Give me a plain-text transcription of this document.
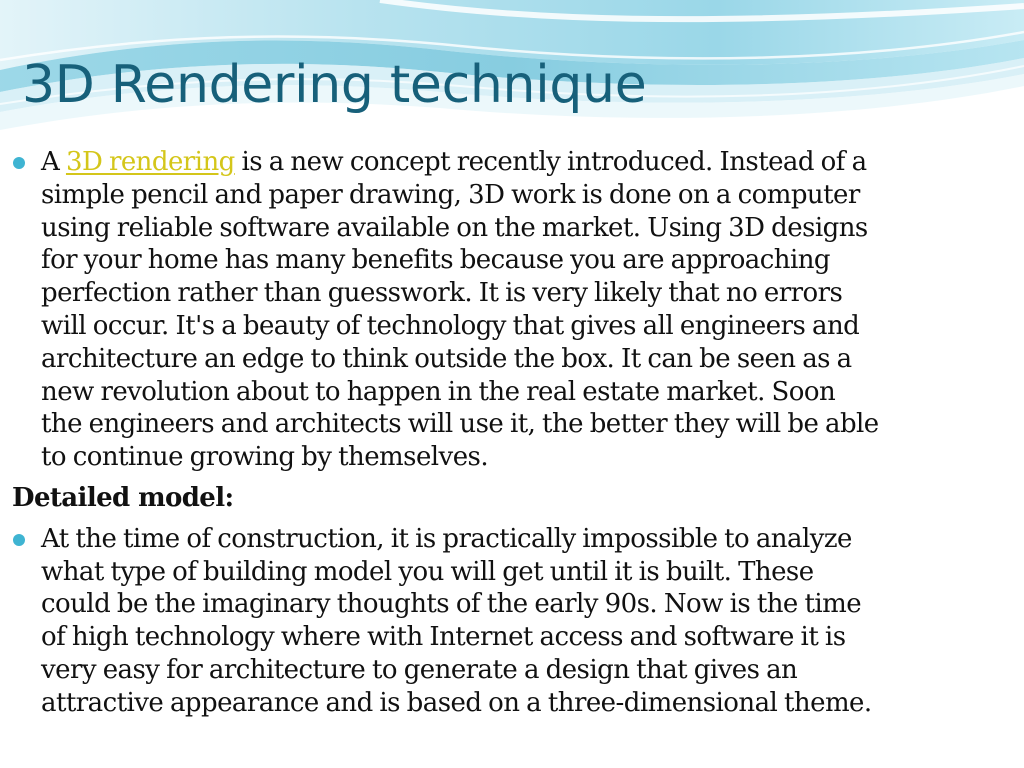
3D Rendering technique
A 3D rendering is a new concept recently introduced. Instead of a
simple pencil and paper drawing, 3D work is done on a computer
using reliable software available on the market. Using 3D designs
for your home has many benefits because you are approaching
perfection rather than guesswork. It is very likely that no errors
will occur. It's a beauty of technology that gives all engineers and
architecture an edge to think outside the box. It can be seen as a
new revolution about to happen in the real estate market. Soon
the engineers and architects will use it, the better they will be able
to continue growing by themselves.
Detailed model:
At the time of construction, it is practically impossible to analyze
what type of building model you will get until it is built. These
could be the imaginary thoughts of the early 90s. Now is the time
of high technology where with Internet access and software it is
very easy for architecture to generate a design that gives an
attractive appearance and is based on a three-dimensional theme.
